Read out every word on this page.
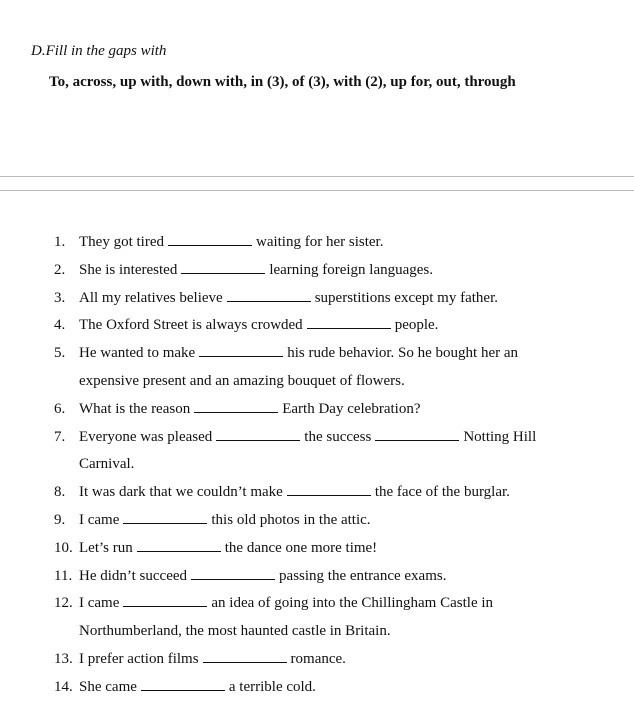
D.Fill in the gaps with
To, across, up with, down with, in (3), of (3), with (2), up for, out, through
1. They got tired	waiting for her sister.
2. She is interested	learning foreign languages.
3. All my relatives believe	superstitions except my father.
4. The Oxford Street is always crowded	people.
5. He wanted to make	his rude behavior. So he bought her an
expensive present and an amazing bouquet of flowers.
6. What is the reason	Earth Day celebration?
7. Everyone was pleased	the success	Notting Hill
Carnival.
8. It was dark that we couldn’t make	the face of the burglar.
9. I came	this old photos in the attic.
10. Let’s run	the dance one more time!
11. He didn’t succeed	passing the entrance exams.
12. I came	an idea of going into the Chillingham Castle in
Northumberland, the most haunted castle in Britain.
13. I prefer action films	romance.
14. She came	a terrible cold.
